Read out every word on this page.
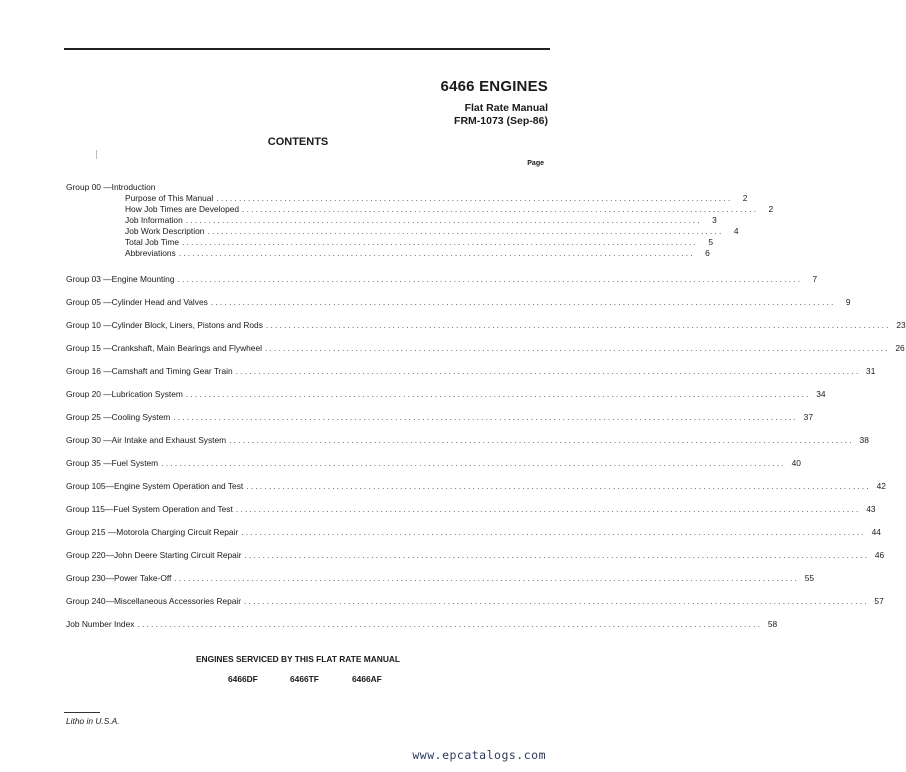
6466 ENGINES
Flat Rate Manual
FRM-1073 (Sep-86)
CONTENTS
Page
Group 00 —Introduction
Purpose of This Manual ..................................................................................................................	2
How Job Times are Developed ..................................................................................................................	2
Job Information ..................................................................................................................	3
Job Work Description ..................................................................................................................	4
Total Job Time ..................................................................................................................	5
Abbreviations ..................................................................................................................	6
Group 03 —Engine Mounting ..........................................................................................................................................	7
Group 05 —Cylinder Head and Valves ..........................................................................................................................................	9
Group 10 —Cylinder Block, Liners, Pistons and Rods .......................................................................................................................................... 23
Group 15 —Crankshaft, Main Bearings and Flywheel .......................................................................................................................................... 26
Group 16 —Camshaft and Timing Gear Train .......................................................................................................................................... 31
Group 20 —Lubrication System .......................................................................................................................................... 34
Group 25 —Cooling System .......................................................................................................................................... 37
Group 30 —Air Intake and Exhaust System .......................................................................................................................................... 38
Group 35 —Fuel System .......................................................................................................................................... 40
Group 105—Engine System Operation and Test .......................................................................................................................................... 42
Group 115—Fuel System Operation and Test .......................................................................................................................................... 43
Group 215 —Motorola Charging Circuit Repair .......................................................................................................................................... 44
Group 220—John Deere Starting Circuit Repair .......................................................................................................................................... 46
Group 230—Power Take-Off .......................................................................................................................................... 55
Group 240—Miscellaneous Accessories Repair .......................................................................................................................................... 57
Job Number Index .......................................................................................................................................... 58
ENGINES SERVICED BY THIS FLAT RATE MANUAL
6466DF	6466TF	6466AF
Litho in U.S.A.
www.epcatalogs.com
